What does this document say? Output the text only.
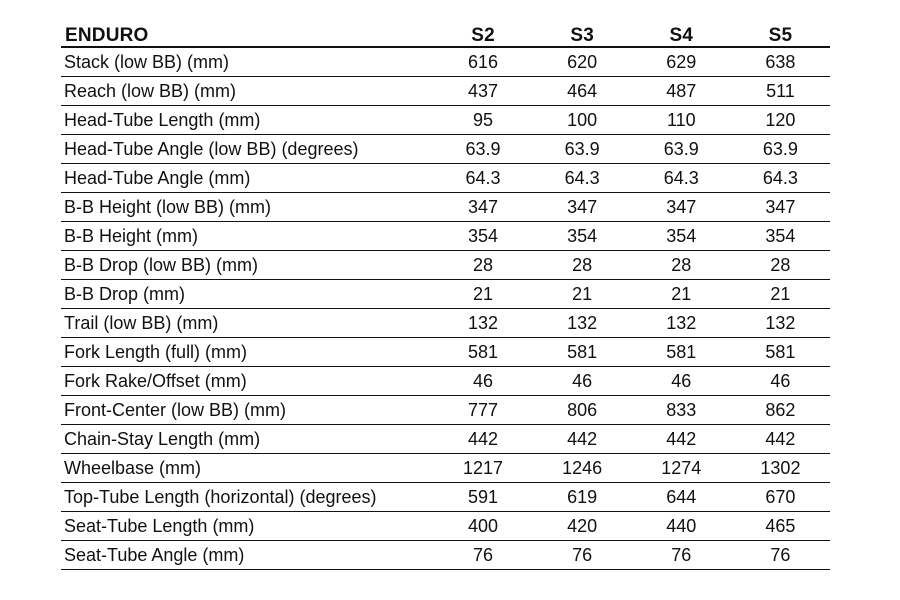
ENDURO	S2	S3	S4	S5
Stack (low BB) (mm)	616	620	629	638
Reach (low BB) (mm)	437	464	487	511
Head-Tube Length (mm)	95	100	110	120
Head-Tube Angle (low BB) (degrees)	63.9	63.9	63.9	63.9
Head-Tube Angle (mm)	64.3	64.3	64.3	64.3
B-B Height (low BB) (mm)	347	347	347	347
B-B Height (mm)	354	354	354	354
B-B Drop (low BB) (mm)	28	28	28	28
B-B Drop (mm)	21	21	21	21
Trail (low BB) (mm)	132	132	132	132
Fork Length (full) (mm)	581	581	581	581
Fork Rake/Offset (mm)	46	46	46	46
Front-Center (low BB) (mm)	777	806	833	862
Chain-Stay Length (mm)	442	442	442	442
Wheelbase (mm)	1217	1246	1274	1302
Top-Tube Length (horizontal) (degrees)	591	619	644	670
Seat-Tube Length (mm)	400	420	440	465
Seat-Tube Angle (mm)	76	76	76	76
